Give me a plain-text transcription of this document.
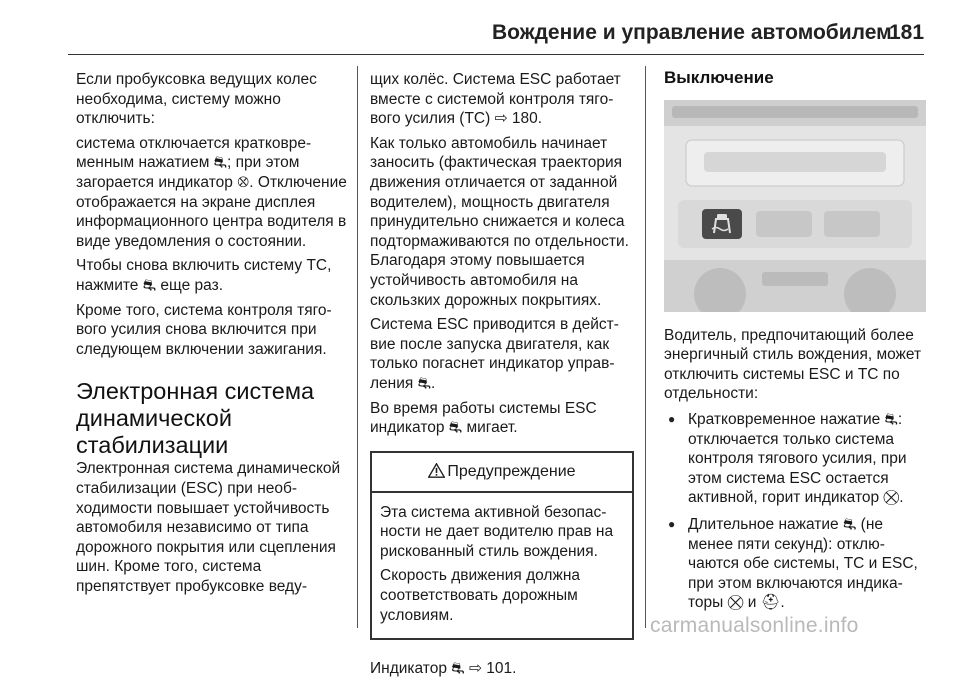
Вождение и управление автомобилем
181

Если пробуксовка ведущих колес необходима, систему можно отключить:

система отключается кратковременным нажатием ⛐; при этом загорается индикатор ⛒. Отключение отображается на экране дисплея информационного центра водителя в виде уведомления о состоянии.

Чтобы снова включить систему TC, нажмите ⛐ еще раз.

Кроме того, система контроля тягового усилия снова включится при следующем включении зажигания.

Электронная система динамической стабилизации

Электронная система динамической стабилизации (ESC) при необходимости повышает устойчивость автомобиля независимо от типа дорожного покрытия или сцепления шин. Кроме того, система препятствует пробуксовке веду-

щих колёс. Система ESC работает вместе с системой контроля тягового усилия (TC) ⇨ 180.

Как только автомобиль начинает заносить (фактическая траектория движения отличается от заданной водителем), мощность двигателя принудительно снижается и колеса подтормаживаются по отдельности. Благодаря этому повышается устойчивость автомобиля на скользких дорожных покрытиях.

Система ESC приводится в действие после запуска двигателя, как только погаснет индикатор управления ⛐.

Во время работы системы ESC индикатор ⛐ мигает.

Предупреждение

Эта система активной безопасности не дает водителю прав на рискованный стиль вождения.

Скорость движения должна соответствовать дорожным условиям.

Индикатор ⛐ ⇨ 101.

Выключение

Водитель, предпочитающий более энергичный стиль вождения, может отключить системы ESC и TC по отдельности:

● Кратковременное нажатие ⛐: отключается только система контроля тягового усилия, при этом система ESC остается активной, горит индикатор ⛒.
● Длительное нажатие ⛐ (не менее пяти секунд): отключаются обе системы, TC и ESC, при этом включаются индикаторы ⛒ и ⛑.
carmanualsonline.info
